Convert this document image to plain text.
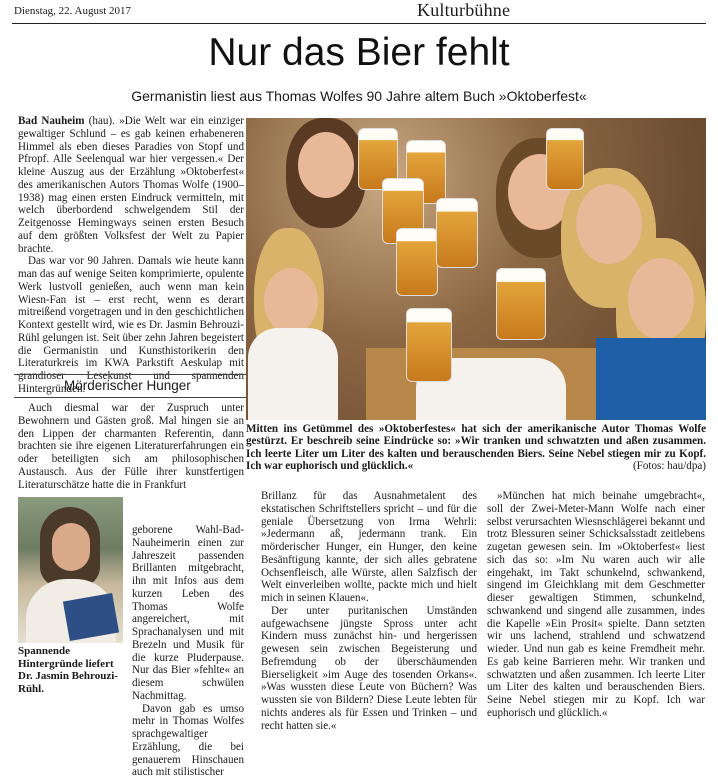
Dienstag, 22. August 2017	Kulturbühne
Nur das Bier fehlt
Germanistin liest aus Thomas Wolfes 90 Jahre altem Buch »Oktoberfest«

Bad Nauheim (hau). »Die Welt war ein einziger gewaltiger Schlund – es gab keinen erhabeneren Himmel als eben dieses Paradies von Stopf und Pfropf. Alle Seelenqual war hier vergessen.« Der kleine Auszug aus der Erzählung »Oktoberfest« des amerikanischen Autors Thomas Wolfe (1900–1938) mag einen ersten Eindruck vermitteln, mit welch überbordend schwelgendem Stil der Zeitgenosse Hemingways seinen ersten Besuch auf dem größten Volksfest der Welt zu Papier brachte.

Das war vor 90 Jahren. Damals wie heute kann man das auf wenige Seiten komprimierte, opulente Werk lustvoll genießen, auch wenn man kein Wiesn-Fan ist – erst recht, wenn es derart mitreißend vorgetragen und in den geschichtlichen Kontext gestellt wird, wie es Dr. Jasmin Behrouzi-Rühl gelungen ist. Seit über zehn Jahren begeistert die Germanistin und Kunsthistorikerin den Literaturkreis im KWA Parkstift Aeskulap mit grandioser Lesekunst und spannenden Hintergründen.

Mörderischer Hunger

Auch diesmal war der Zuspruch unter Bewohnern und Gästen groß. Mal hingen sie an den Lippen der charmanten Referentin, dann brachten sie ihre eigenen Literaturerfahrungen ein oder beteiligten sich am philosophischen Austausch. Aus der Fülle ihrer kunstfertigen Literaturschätze hatte die in Frankfurt

Spannende Hintergründe liefert Dr. Jasmin Behrouzi-Rühl.

geborene Wahl-Bad-Nauheimerin einen zur Jahreszeit passenden Brillanten mitgebracht, ihn mit Infos aus dem kurzen Leben des Thomas Wolfe angereichert, mit Sprachanalysen und mit Brezeln und Musik für die kurze Pluderpause. Nur das Bier »fehlte« an diesem schwülen Nachmittag.

Davon gab es umso mehr in Thomas Wolfes sprachgewaltiger Erzählung, die bei genauerem Hinschauen auch mit stilistischer

Mitten ins Getümmel des »Oktoberfestes« hat sich der amerikanische Autor Thomas Wolfe gestürzt. Er beschreib seine Eindrücke so: »Wir tranken und schwatzten und aßen zusammen. Ich leerte Liter um Liter des kalten und berauschenden Biers. Seine Nebel stiegen mir zu Kopf. Ich war euphorisch und glücklich.«	(Fotos: hau/dpa)

Brillanz für das Ausnahmetalent des ekstatischen Schriftstellers spricht – und für die geniale Übersetzung von Irma Wehrli: »Jedermann aß, jedermann trank. Ein mörderischer Hunger, ein Hunger, den keine Besänftigung kannte, der sich alles gebratene Ochsenfleisch, alle Würste, allen Salzfisch der Welt einverleiben wollte, packte mich und hielt mich in seinen Klauen«.

Der unter puritanischen Umständen aufgewachsene jüngste Spross unter acht Kindern muss zunächst hin- und hergerissen gewesen sein zwischen Begeisterung und Befremdung ob der überschäumenden Bierseligkeit »im Auge des tosenden Orkans«. »Was wussten diese Leute von Büchern? Was wussten sie von Bildern? Diese Leute lebten für nichts anderes als für Essen und Trinken – und recht hatten sie.«

»München hat mich beinahe umgebracht«, soll der Zwei-Meter-Mann Wolfe nach einer selbst verursachten Wiesnschlägerei bekannt und trotz Blessuren seiner Schicksalsstadt zeitlebens zugetan gewesen sein. Im »Oktoberfest« liest sich das so: »Im Nu waren auch wir alle eingehakt, im Takt schunkelnd, schwankend, singend im Gleichklang mit dem Geschmetter dieser gewaltigen Stimmen, schunkelnd, schwankend und singend alle zusammen, indes die Kapelle »Ein Prosit« spielte. Dann setzten wir uns lachend, strahlend und schwatzend wieder. Und nun gab es keine Fremdheit mehr. Es gab keine Barrieren mehr. Wir tranken und schwatzten und aßen zusammen. Ich leerte Liter um Liter des kalten und berauschenden Biers. Seine Nebel stiegen mir zu Kopf. Ich war euphorisch und glücklich.«
